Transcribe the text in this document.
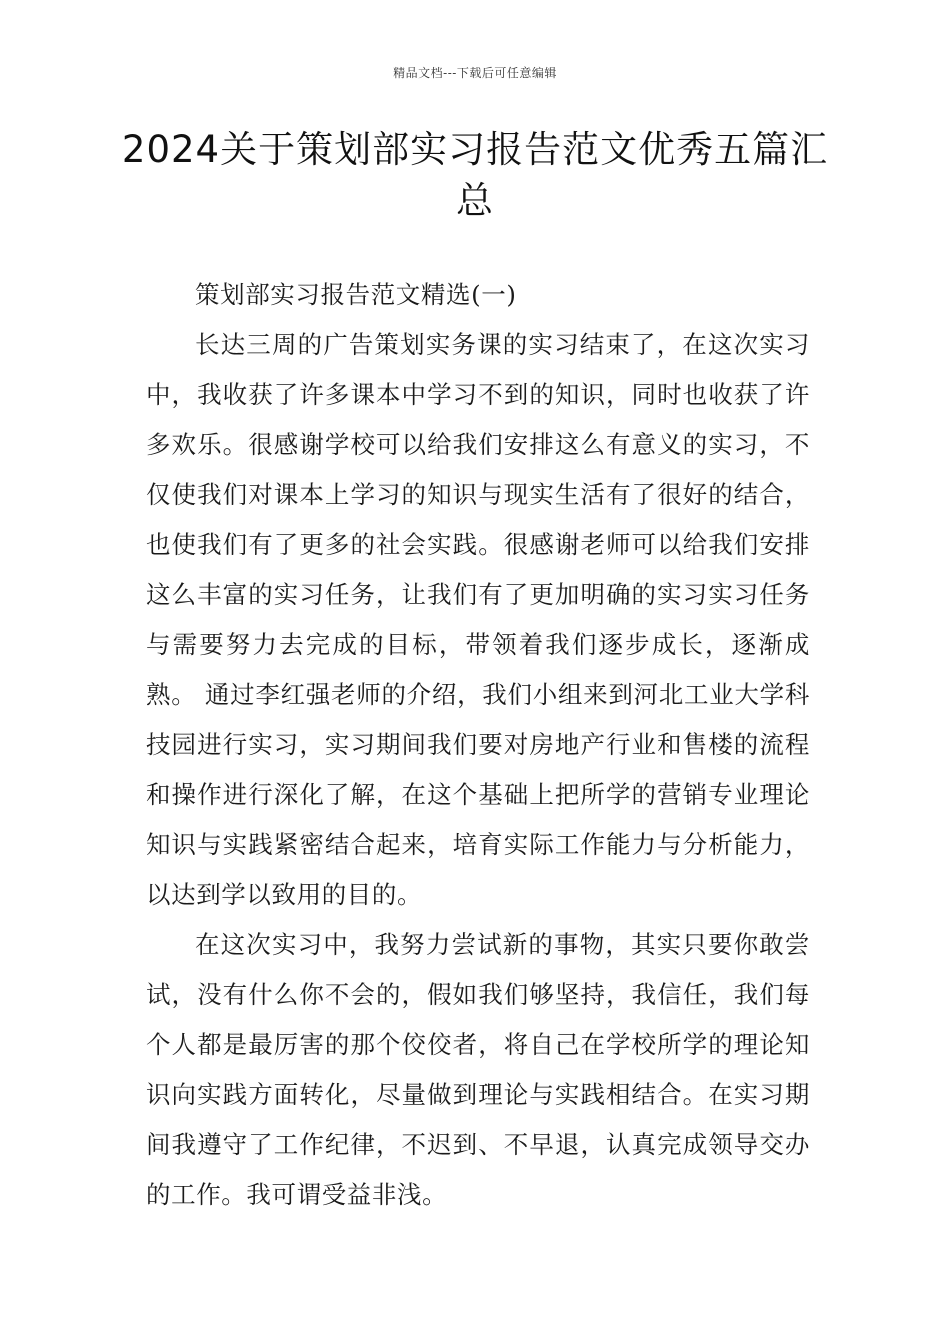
精品文档---下载后可任意编辑
2024关于策划部实习报告范文优秀五篇汇总

策划部实习报告范文精选(一)

长达三周的广告策划实务课的实习结束了，在这次实习中，我收获了许多课本中学习不到的知识，同时也收获了许多欢乐。很感谢学校可以给我们安排这么有意义的实习，不仅使我们对课本上学习的知识与现实生活有了很好的结合，也使我们有了更多的社会实践。很感谢老师可以给我们安排这么丰富的实习任务，让我们有了更加明确的实习实习任务与需要努力去完成的目标，带领着我们逐步成长，逐渐成熟。 通过李红强老师的介绍，我们小组来到河北工业大学科技园进行实习，实习期间我们要对房地产行业和售楼的流程和操作进行深化了解，在这个基础上把所学的营销专业理论知识与实践紧密结合起来，培育实际工作能力与分析能力，以达到学以致用的目的。

在这次实习中，我努力尝试新的事物，其实只要你敢尝试，没有什么你不会的，假如我们够坚持，我信任，我们每个人都是最厉害的那个佼佼者，将自己在学校所学的理论知识向实践方面转化，尽量做到理论与实践相结合。在实习期间我遵守了工作纪律，不迟到、不早退，认真完成领导交办的工作。我可谓受益非浅。
